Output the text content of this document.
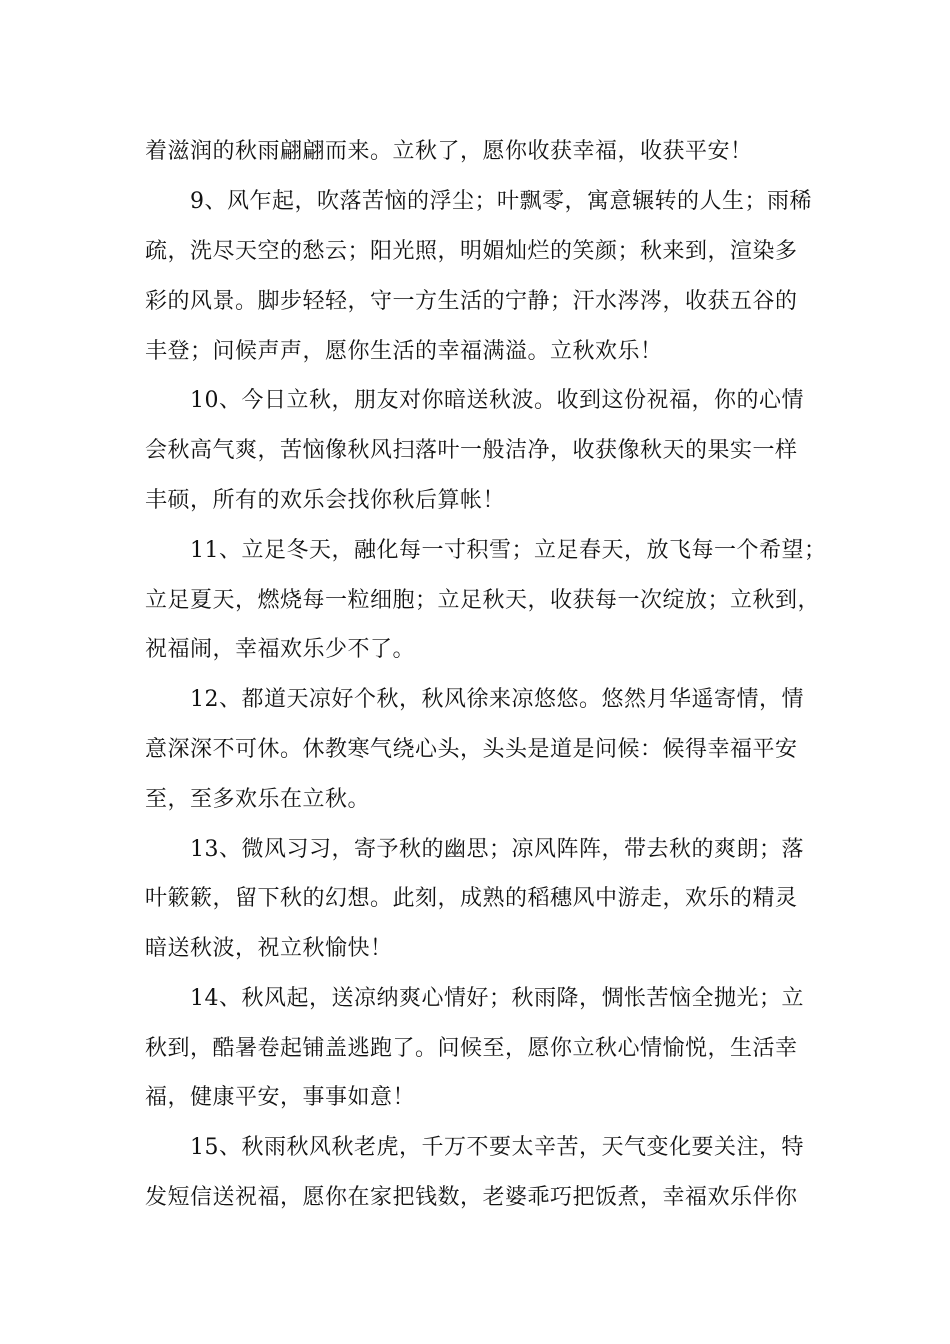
着滋润的秋雨翩翩而来。立秋了，愿你收获幸福，收获平安！
9、风乍起，吹落苦恼的浮尘；叶飘零，寓意辗转的人生；雨稀
疏，洗尽天空的愁云；阳光照，明媚灿烂的笑颜；秋来到，渲染多
彩的风景。脚步轻轻，守一方生活的宁静；汗水涔涔，收获五谷的
丰登；问候声声，愿你生活的幸福满溢。立秋欢乐！
10、今日立秋，朋友对你暗送秋波。收到这份祝福，你的心情
会秋高气爽，苦恼像秋风扫落叶一般洁净，收获像秋天的果实一样
丰硕，所有的欢乐会找你秋后算帐！
11、立足冬天，融化每一寸积雪；立足春天，放飞每一个希望；
立足夏天，燃烧每一粒细胞；立足秋天，收获每一次绽放；立秋到，
祝福闹，幸福欢乐少不了。
12、都道天凉好个秋，秋风徐来凉悠悠。悠然月华遥寄情，情
意深深不可休。休教寒气绕心头，头头是道是问候：候得幸福平安
至，至多欢乐在立秋。
13、微风习习，寄予秋的幽思；凉风阵阵，带去秋的爽朗；落
叶簌簌，留下秋的幻想。此刻，成熟的稻穗风中游走，欢乐的精灵
暗送秋波，祝立秋愉快！
14、秋风起，送凉纳爽心情好；秋雨降，惆怅苦恼全抛光；立
秋到，酷暑卷起铺盖逃跑了。问候至，愿你立秋心情愉悦，生活幸
福，健康平安，事事如意！
15、秋雨秋风秋老虎，千万不要太辛苦，天气变化要关注，特
发短信送祝福，愿你在家把钱数，老婆乖巧把饭煮，幸福欢乐伴你
